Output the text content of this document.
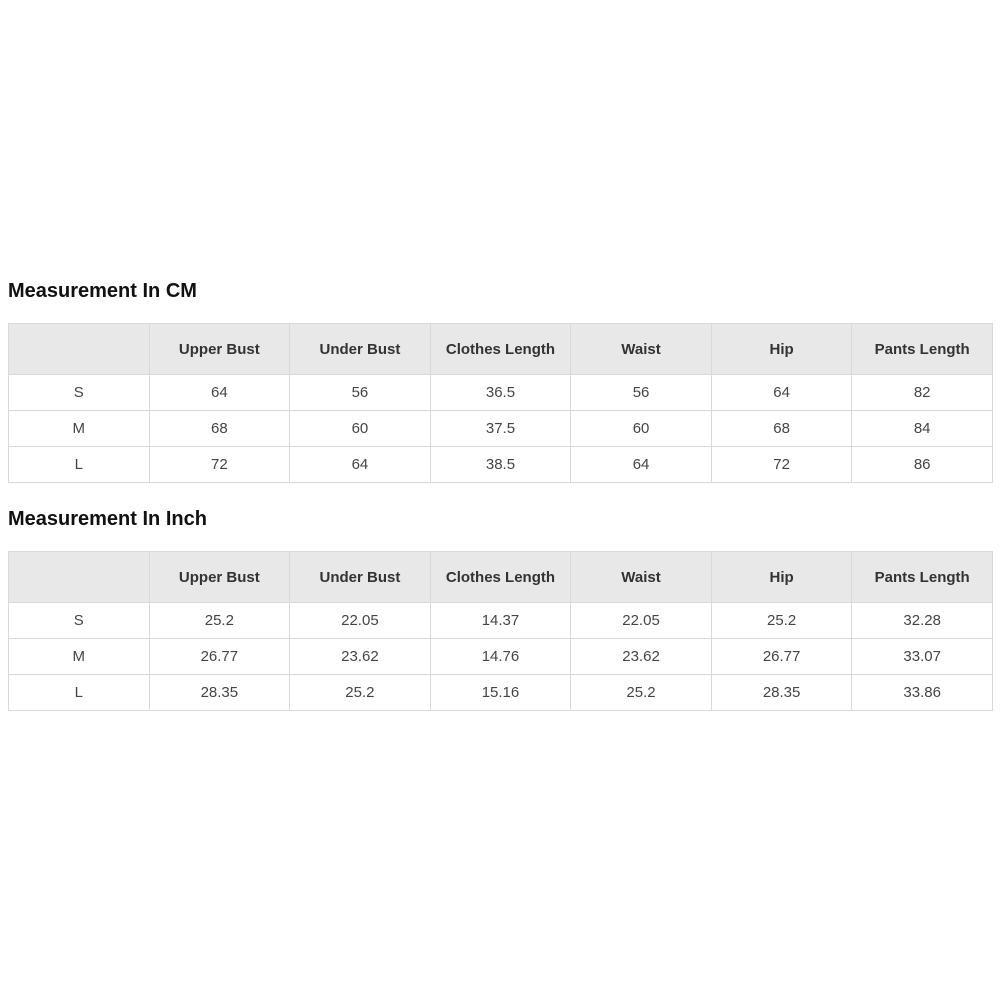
Measurement In CM
	Upper Bust	Under Bust	Clothes Length	Waist	Hip	Pants Length
S	64	56	36.5	56	64	82
M	68	60	37.5	60	68	84
L	72	64	38.5	64	72	86
Measurement In Inch
	Upper Bust	Under Bust	Clothes Length	Waist	Hip	Pants Length
S	25.2	22.05	14.37	22.05	25.2	32.28
M	26.77	23.62	14.76	23.62	26.77	33.07
L	28.35	25.2	15.16	25.2	28.35	33.86
